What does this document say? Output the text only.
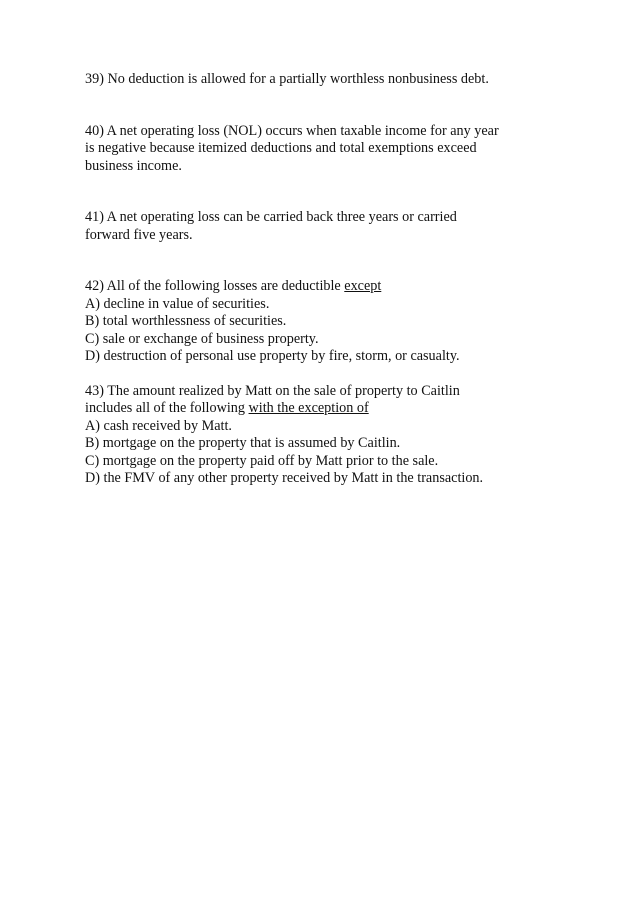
39) No deduction is allowed for a partially worthless nonbusiness debt.
40) A net operating loss (NOL) occurs when taxable income for any year
is negative because itemized deductions and total exemptions exceed
business income.
41) A net operating loss can be carried back three years or carried
forward five years.
42) All of the following losses are deductible except
A) decline in value of securities.
B) total worthlessness of securities.
C) sale or exchange of business property.
D) destruction of personal use property by fire, storm, or casualty.
43) The amount realized by Matt on the sale of property to Caitlin
includes all of the following with the exception of
A) cash received by Matt.
B) mortgage on the property that is assumed by Caitlin.
C) mortgage on the property paid off by Matt prior to the sale.
D) the FMV of any other property received by Matt in the transaction.
